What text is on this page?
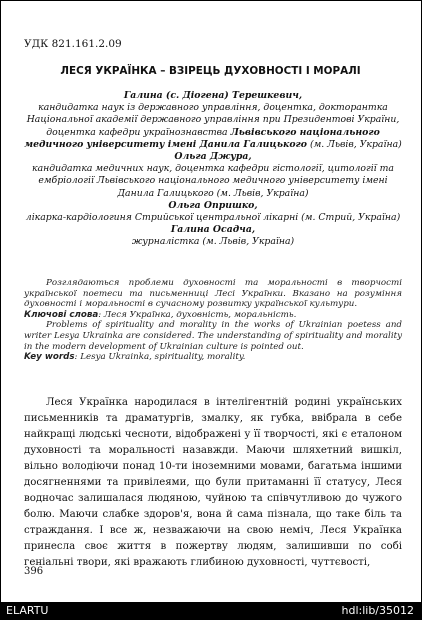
УДК 821.161.2.09
ЛЕСЯ УКРАЇНКА – ВЗІРЕЦЬ ДУХОВНОСТІ І МОРАЛІ
Галина (с. Діогена) Терешкевич,
кандидатка наук із державного управління, доцентка, докторантка Національної академії державного управління при Президентові України, доцентка кафедри українознавства Львівського національного медичного університету імені Данила Галицького (м. Львів, Україна)
Ольга Джура,
кандидатка медичних наук, доцентка кафедри гістології, цитології та ембріології Львівського національного медичного університету імені Данила Галицького (м. Львів, Україна)
Ольга Опришко,
лікарка-кардіологиня Стрийської центральної лікарні (м. Стрий, Україна)
Галина Осадча,
журналістка (м. Львів, Україна)

Розглядаються проблеми духовності та моральності в творчості української поетеси та письменниці Лесі Українки. Вказано на розуміння духовності і моральності в сучасному розвитку української культури.

Ключові слова: Леся Українка, духовність, моральність.

Problems of spirituality and morality in the works of Ukrainian poetess and writer Lesya Ukrainka are considered. The understanding of spirituality and morality in the modern development of Ukrainian culture is pointed out.

Key words: Lesya Ukrainka, spirituality, morality.

Леся Українка народилася в інтелігентній родині українських письменників та драматургів, змалку, як губка, ввібрала в себе найкращі людські чесноти, відображені у її творчості, які є еталоном духовності та моральності назавжди. Маючи шляхетний вишкіл, вільно володіючи понад 10-ти іноземними мовами, багатьма іншими досягненнями та привілеями, що були притаманні її статусу, Леся водночас залишалася людяною, чуйною та співчутливою до чужого болю. Маючи слабке здоров'я, вона й сама пізнала, що таке біль та страждання. І все ж, незважаючи на свою неміч, Леся Українка принесла своє життя в пожертву людям, залишивши по собі геніальні твори, які вражають глибиною духовності, чуттєвості,

396
ELARTU	hdl:lib/35012
